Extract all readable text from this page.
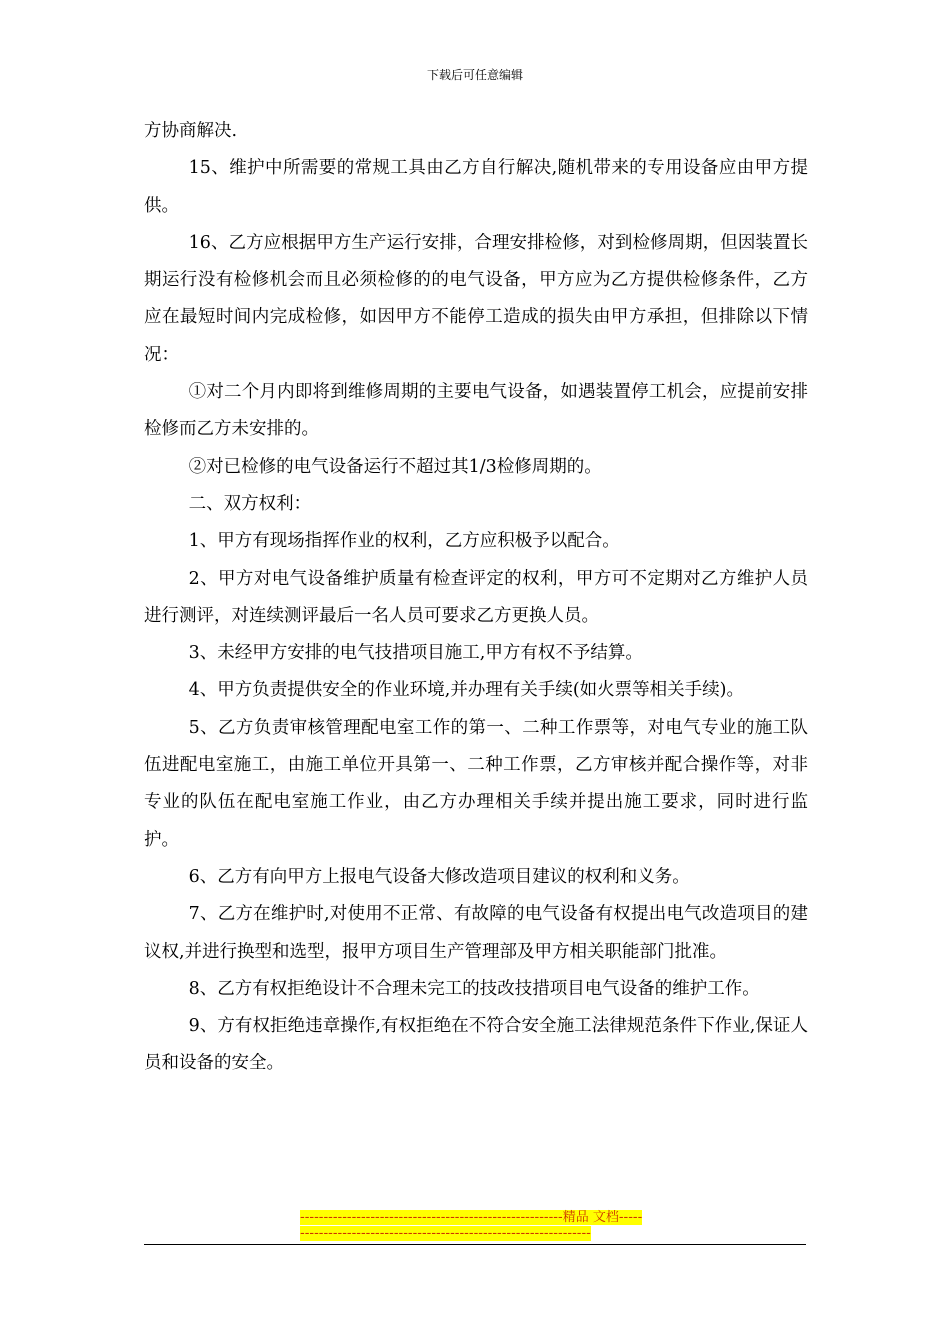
下载后可任意编辑

方协商解决.

15、维护中所需要的常规工具由乙方自行解决,随机带来的专用设备应由甲方提供。

16、乙方应根据甲方生产运行安排，合理安排检修，对到检修周期，但因装置长期运行没有检修机会而且必须检修的的电气设备，甲方应为乙方提供检修条件，乙方应在最短时间内完成检修，如因甲方不能停工造成的损失由甲方承担，但排除以下情况：

①对二个月内即将到维修周期的主要电气设备，如遇装置停工机会，应提前安排检修而乙方未安排的。

②对已检修的电气设备运行不超过其1/3检修周期的。

二、双方权利：

1、甲方有现场指挥作业的权利，乙方应积极予以配合。

2、甲方对电气设备维护质量有检查评定的权利，甲方可不定期对乙方维护人员进行测评，对连续测评最后一名人员可要求乙方更换人员。

3、未经甲方安排的电气技措项目施工,甲方有权不予结算。

4、甲方负责提供安全的作业环境,并办理有关手续(如火票等相关手续)。

5、乙方负责审核管理配电室工作的第一、二种工作票等，对电气专业的施工队伍进配电室施工，由施工单位开具第一、二种工作票，乙方审核并配合操作等，对非专业的队伍在配电室施工作业，由乙方办理相关手续并提出施工要求，同时进行监护。

6、乙方有向甲方上报电气设备大修改造项目建议的权利和义务。

7、乙方在维护时,对使用不正常、有故障的电气设备有权提出电气改造项目的建议权,并进行换型和选型，报甲方项目生产管理部及甲方相关职能部门批准。

8、乙方有权拒绝设计不合理未完工的技改技措项目电气设备的维护工作。

9、方有权拒绝违章操作,有权拒绝在不符合安全施工法律规范条件下作业,保证人员和设备的安全。

--------------------------------------------------------精品 文档-------------------------------------------------------------------
